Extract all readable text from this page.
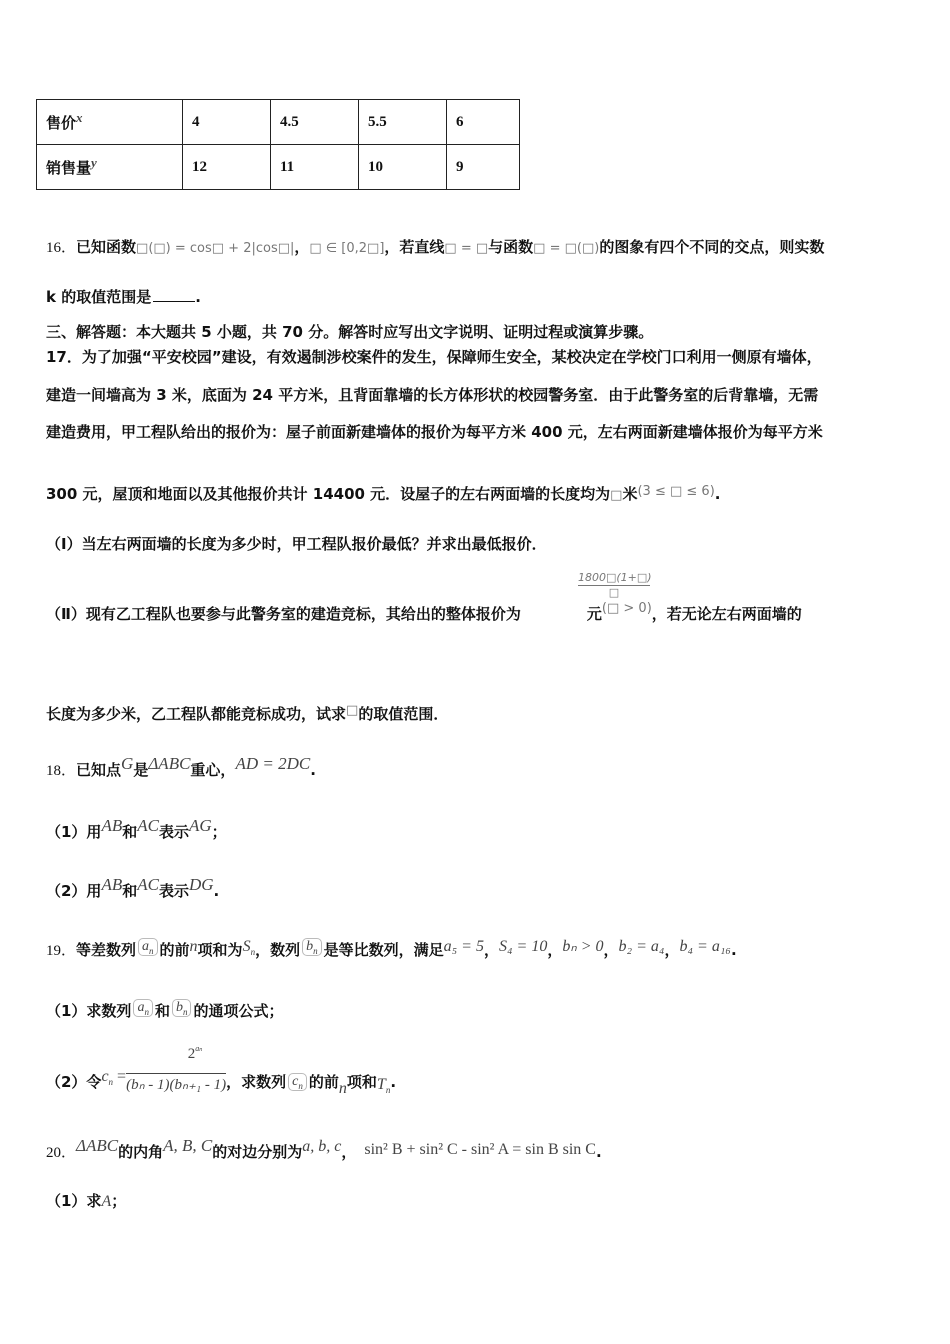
售价x	4	4.5	5.5	6
销售量y	12	11	10	9
16．已知函数□(□) = cos□ + 2|cos□|，□ ∈ [0,2□]，若直线□ = □与函数□ = □(□)的图象有四个不同的交点，则实数
k 的取值范围是	.
三、解答题：本大题共 5 小题，共 70 分。解答时应写出文字说明、证明过程或演算步骤。
17．为了加强“平安校园”建设，有效遏制涉校案件的发生，保障师生安全，某校决定在学校门口利用一侧原有墙体，
建造一间墙高为 3 米，底面为 24 平方米，且背面靠墙的长方体形状的校园警务室．由于此警务室的后背靠墙，无需
建造费用，甲工程队给出的报价为：屋子前面新建墙体的报价为每平方米 400 元，左右两面新建墙体报价为每平方米
300 元，屋顶和地面以及其他报价共计 14400 元．设屋子的左右两面墙的长度均为□米$^{(3 \le □ \le 6)}$.
（Ⅰ）当左右两面墙的长度为多少时，甲工程队报价最低？并求出最低报价．
1800□(1+□)
□
（Ⅱ）现有乙工程队也要参与此警务室的建造竞标，其给出的整体报价为	元$^{(□ > 0)}$，若无论左右两面墙的
长度为多少米，乙工程队都能竞标成功，试求□的取值范围．
18．已知点G是ΔABC重心，AD = 2DC.
（1）用AB和AC表示AG；
（2）用AB和AC表示DG.
19．等差数列 $a_n$ 的前n项和为$S_n$，数列 $b_n$ 是等比数列，满足a₅ = 5，S₄ = 10，bₙ > 0，b₂ = a₄，b₄ = a₁₆.
（1）求数列 $a_n$ 和 $b_n$ 的通项公式；
$2^{an}$
（2）令$c_n =(b_n - 1)(b_{n+1} - 1)$，求数列 $c_n$ 的前n项和$T_n$.
20．ΔABC的内角A, B, C的对边分别为a, b, c， sin² B + sin² C - sin² A = sin B sin C.
（1）求A；
